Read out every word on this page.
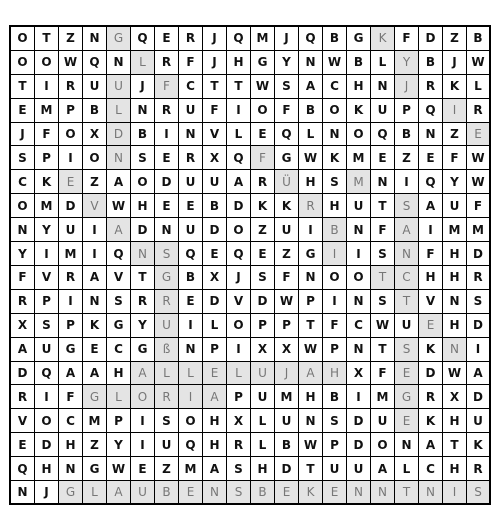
O	T	Z	N	G	Q	E	R	J	Q	M	J	Q	B	G	K	F	D	Z	B
O	O	W	Q	N	L	R	F	J	H	G	Y	N	W	B	L	Y	B	J	W
T	I	R	U	U	J	F	C	T	T	W	S	A	C	H	N	J	R	K	L
E	M	P	B	L	N	R	U	F	I	O	F	B	O	K	U	P	Q	I	R
J	F	O	X	D	B	I	N	V	L	E	Q	L	N	O	Q	B	N	Z	E
S	P	I	O	N	S	E	R	X	Q	F	G	W	K	M	E	Z	E	F	W
C	K	E	Z	A	O	D	U	U	A	R	Ü	H	S	M	N	I	Q	Y	W
O	M	D	V	W	H	E	E	B	D	K	K	R	H	U	T	S	A	U	F
N	Y	U	I	A	D	N	U	D	O	Z	U	I	B	N	F	A	I	M M
Y	I	M	I	Q	N	S	Q	E	Q	E	Z	G	I	I	S	N	F	H	D
F	V	R	A	V	T	G	B	X	J	S	F	N	O	O	T	C	H	H	R
R	P	I	N	S	R	R	E	D	V	D	W	P	I	N	S	T	V	N	S
X	S	P	K	G	Y	U	I	L	O	P	P	T	F	C	W	U	E	H	D
A	U	G	E	C	G	ß	N	P	I	X	X	W	P	N	T	S	K	N	I
D	Q	A	A	H	A	L	L	E	L	U	J	A	H	X	F	E	D	W	A
R	I	F	G	L	O	R	I	A	P	U	M	H	B	I	M	G	R	X	D
V	O	C	M	P	I	S	O	H	X	L	U	N	S	D	U	E	K	H	U
E	D	H	Z	Y	I	U	Q	H	R	L	B	W	P	D	O	N	A	T	K
Q	H	N	G	W	E	Z	M	A	S	H	D	T	U	U	A	L	C	H	R
N	J	G	L	A	U	B	E	N	S	B	E	K	E	N	N	T	N	I	S
